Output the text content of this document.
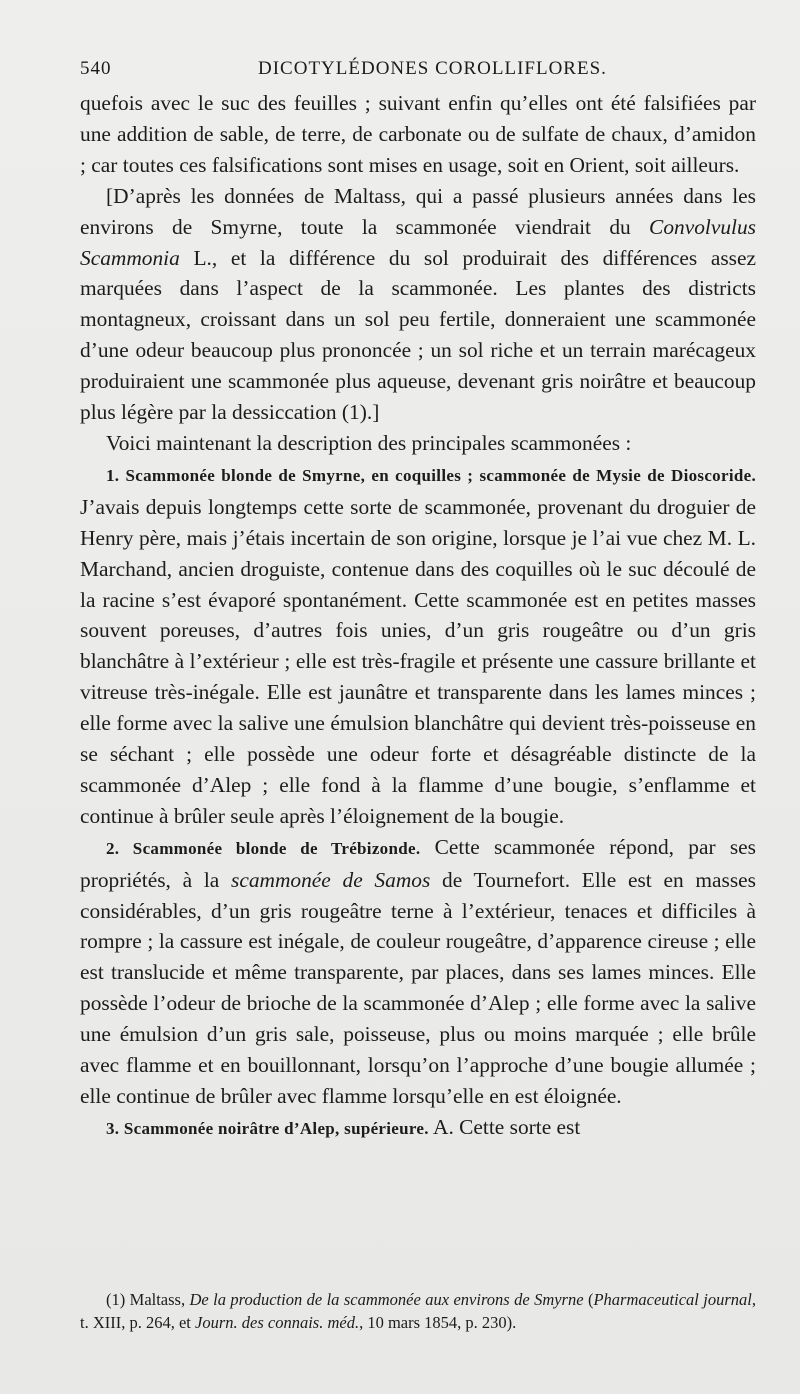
540	DICOTYLÉDONES COROLLIFLORES.

quefois avec le suc des feuilles ; suivant enfin qu’elles ont été falsifiées par une addition de sable, de terre, de carbonate ou de sulfate de chaux, d’amidon ; car toutes ces falsifications sont mises en usage, soit en Orient, soit ailleurs.

[D’après les données de Maltass, qui a passé plusieurs années dans les environs de Smyrne, toute la scammonée viendrait du Convolvulus Scammonia L., et la différence du sol produirait des différences assez marquées dans l’aspect de la scammonée. Les plantes des districts montagneux, croissant dans un sol peu fertile, donneraient une scammonée d’une odeur beaucoup plus prononcée ; un sol riche et un terrain marécageux produiraient une scammonée plus aqueuse, devenant gris noirâtre et beaucoup plus légère par la dessiccation (1).]

Voici maintenant la description des principales scammonées :

1. Scammonée blonde de Smyrne, en coquilles ; scammonée de Mysie de Dioscoride. J’avais depuis longtemps cette sorte de scammonée, provenant du droguier de Henry père, mais j’étais incertain de son origine, lorsque je l’ai vue chez M. L. Marchand, ancien droguiste, contenue dans des coquilles où le suc découlé de la racine s’est évaporé spontanément. Cette scammonée est en petites masses souvent poreuses, d’autres fois unies, d’un gris rougeâtre ou d’un gris blanchâtre à l’extérieur ; elle est très-fragile et présente une cassure brillante et vitreuse très-inégale. Elle est jaunâtre et transparente dans les lames minces ; elle forme avec la salive une émulsion blanchâtre qui devient très-poisseuse en se séchant ; elle possède une odeur forte et désagréable distincte de la scammonée d’Alep ; elle fond à la flamme d’une bougie, s’enflamme et continue à brûler seule après l’éloignement de la bougie.

2. Scammonée blonde de Trébizonde. Cette scammonée répond, par ses propriétés, à la scammonée de Samos de Tournefort. Elle est en masses considérables, d’un gris rougeâtre terne à l’extérieur, tenaces et difficiles à rompre ; la cassure est inégale, de couleur rougeâtre, d’apparence cireuse ; elle est translucide et même transparente, par places, dans ses lames minces. Elle possède l’odeur de brioche de la scammonée d’Alep ; elle forme avec la salive une émulsion d’un gris sale, poisseuse, plus ou moins marquée ; elle brûle avec flamme et en bouillonnant, lorsqu’on l’approche d’une bougie allumée ; elle continue de brûler avec flamme lorsqu’elle en est éloignée.

3. Scammonée noirâtre d’Alep, supérieure. A. Cette sorte est

(1) Maltass, De la production de la scammonée aux environs de Smyrne (Pharmaceutical journal, t. XIII, p. 264, et Journ. des connais. méd., 10 mars 1854, p. 230).
